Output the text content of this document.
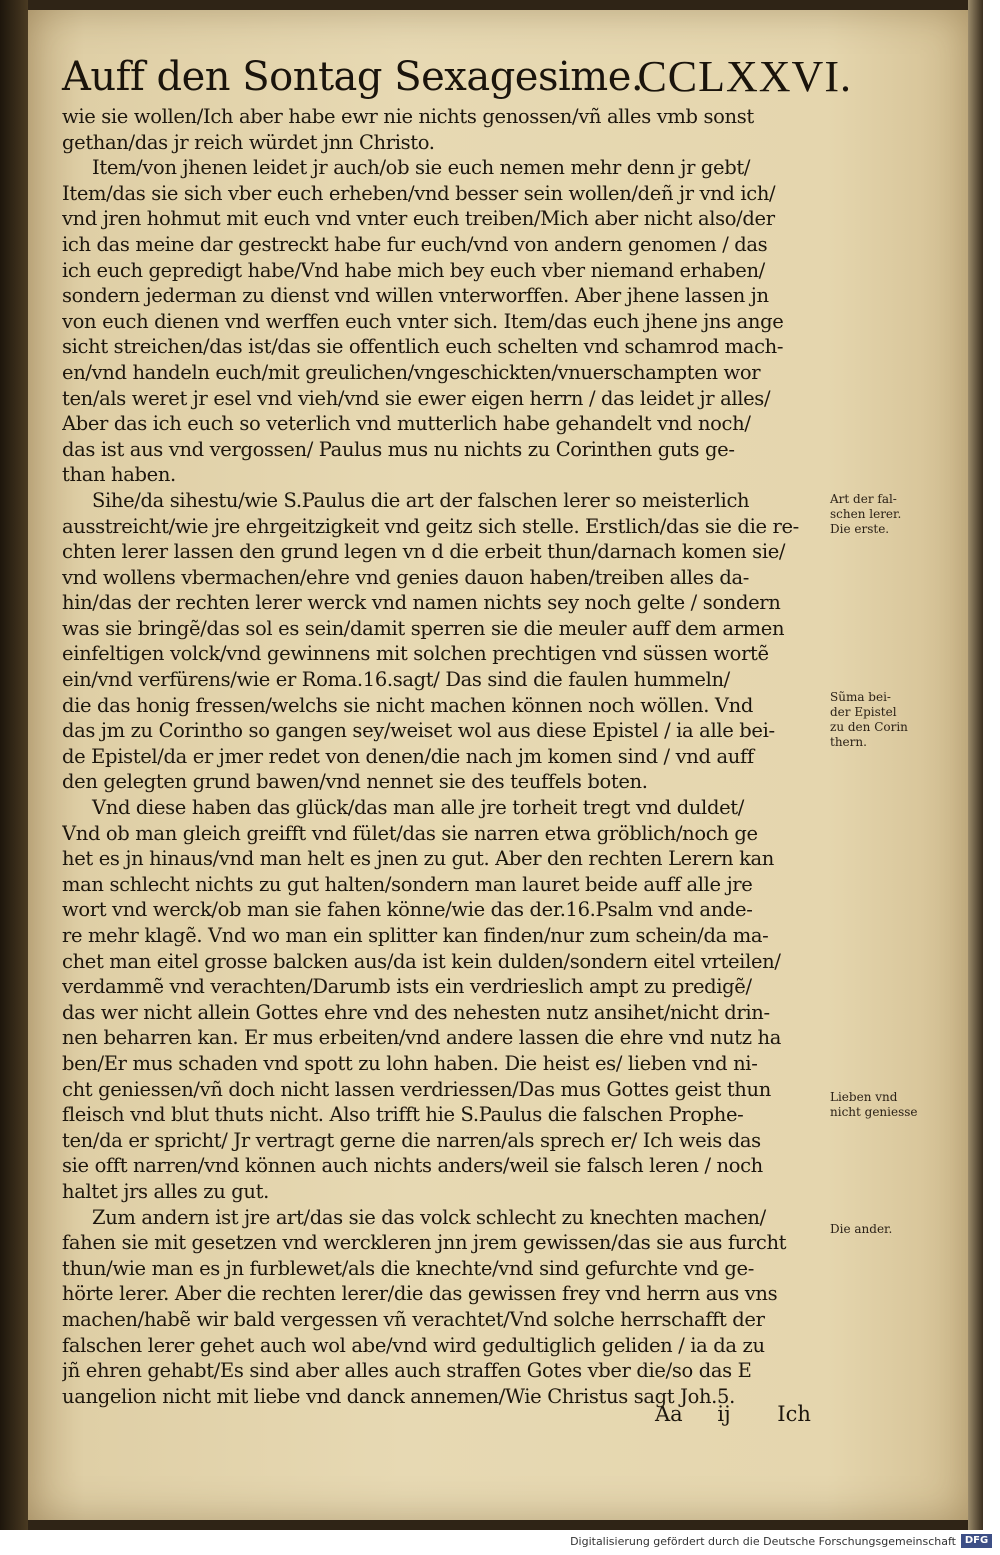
Auff den Sontag Sexagesime.
CCLXXVI.
wie sie wollen/Ich aber habe ewr nie nichts genossen/vñ alles vmb sonst
gethan/das jr reich würdet jnn Christo.
Item/von jhenen leidet jr auch/ob sie euch nemen mehr denn jr gebt/
Item/das sie sich vber euch erheben/vnd besser sein wollen/deñ jr vnd ich/
vnd jren hohmut mit euch vnd vnter euch treiben/Mich aber nicht also/der
ich das meine dar gestreckt habe fur euch/vnd von andern genomen / das
ich euch gepredigt habe/Vnd habe mich bey euch vber niemand erhaben/
sondern jederman zu dienst vnd willen vnterworffen. Aber jhene lassen jn
von euch dienen vnd werffen euch vnter sich. Item/das euch jhene jns ange
sicht streichen/das ist/das sie offentlich euch schelten vnd schamrod mach-
en/vnd handeln euch/mit greulichen/vngeschickten/vnuerschampten wor
ten/als weret jr esel vnd vieh/vnd sie ewer eigen herrn / das leidet jr alles/
Aber das ich euch so veterlich vnd mutterlich habe gehandelt vnd noch/
das ist aus vnd vergossen/ Paulus mus nu nichts zu Corinthen guts ge-
than haben.
Sihe/da sihestu/wie S.Paulus die art der falschen lerer so meisterlich
ausstreicht/wie jre ehrgeitzigkeit vnd geitz sich stelle. Erstlich/das sie die re-
chten lerer lassen den grund legen vn d die erbeit thun/darnach komen sie/
vnd wollens vbermachen/ehre vnd genies dauon haben/treiben alles da-
hin/das der rechten lerer werck vnd namen nichts sey noch gelte / sondern
was sie bringẽ/das sol es sein/damit sperren sie die meuler auff dem armen
einfeltigen volck/vnd gewinnens mit solchen prechtigen vnd süssen wortẽ
ein/vnd verfürens/wie er Roma.16.sagt/ Das sind die faulen hummeln/
die das honig fressen/welchs sie nicht machen können noch wöllen. Vnd
das jm zu Corintho so gangen sey/weiset wol aus diese Epistel / ia alle bei-
de Epistel/da er jmer redet von denen/die nach jm komen sind / vnd auff
den gelegten grund bawen/vnd nennet sie des teuffels boten.
Vnd diese haben das glück/das man alle jre torheit tregt vnd duldet/
Vnd ob man gleich greifft vnd fület/das sie narren etwa gröblich/noch ge
het es jn hinaus/vnd man helt es jnen zu gut. Aber den rechten Lerern kan
man schlecht nichts zu gut halten/sondern man lauret beide auff alle jre
wort vnd werck/ob man sie fahen könne/wie das der.16.Psalm vnd ande-
re mehr klagẽ. Vnd wo man ein splitter kan finden/nur zum schein/da ma-
chet man eitel grosse balcken aus/da ist kein dulden/sondern eitel vrteilen/
verdammẽ vnd verachten/Darumb ists ein verdrieslich ampt zu predigẽ/
das wer nicht allein Gottes ehre vnd des nehesten nutz ansihet/nicht drin-
nen beharren kan. Er mus erbeiten/vnd andere lassen die ehre vnd nutz ha
ben/Er mus schaden vnd spott zu lohn haben. Die heist es/ lieben vnd ni-
cht geniessen/vñ doch nicht lassen verdriessen/Das mus Gottes geist thun
fleisch vnd blut thuts nicht. Also trifft hie S.Paulus die falschen Prophe-
ten/da er spricht/ Jr vertragt gerne die narren/als sprech er/ Ich weis das
sie offt narren/vnd können auch nichts anders/weil sie falsch leren / noch
haltet jrs alles zu gut.
Zum andern ist jre art/das sie das volck schlecht zu knechten machen/
fahen sie mit gesetzen vnd wercklеren jnn jrem gewissen/das sie aus furcht
thun/wie man es jn furblewet/als die knechte/vnd sind gefurchte vnd ge-
hörte lerer. Aber die rechten lerer/die das gewissen frey vnd herrn aus vns
machen/habẽ wir bald vergessen vñ verachtet/Vnd solche herrschafft der
falschen lerer gehet auch wol abe/vnd wird gedultiglich geliden / ia da zu
jñ ehren gehabt/Es sind aber alles auch straffen Gotes vber die/so das E
uangelion nicht mit liebe vnd danck annemen/Wie Christus sagt Joh.5.
Art der fal-
schen lerer.
Die erste.
Sũma bei-
der Epistel
zu den Corin
thern.
Lieben vnd
nicht geniesse
Die ander.
Aa ij Ich
Digitalisierung gefördert durch die Deutsche Forschungsgemeinschaft DFG
